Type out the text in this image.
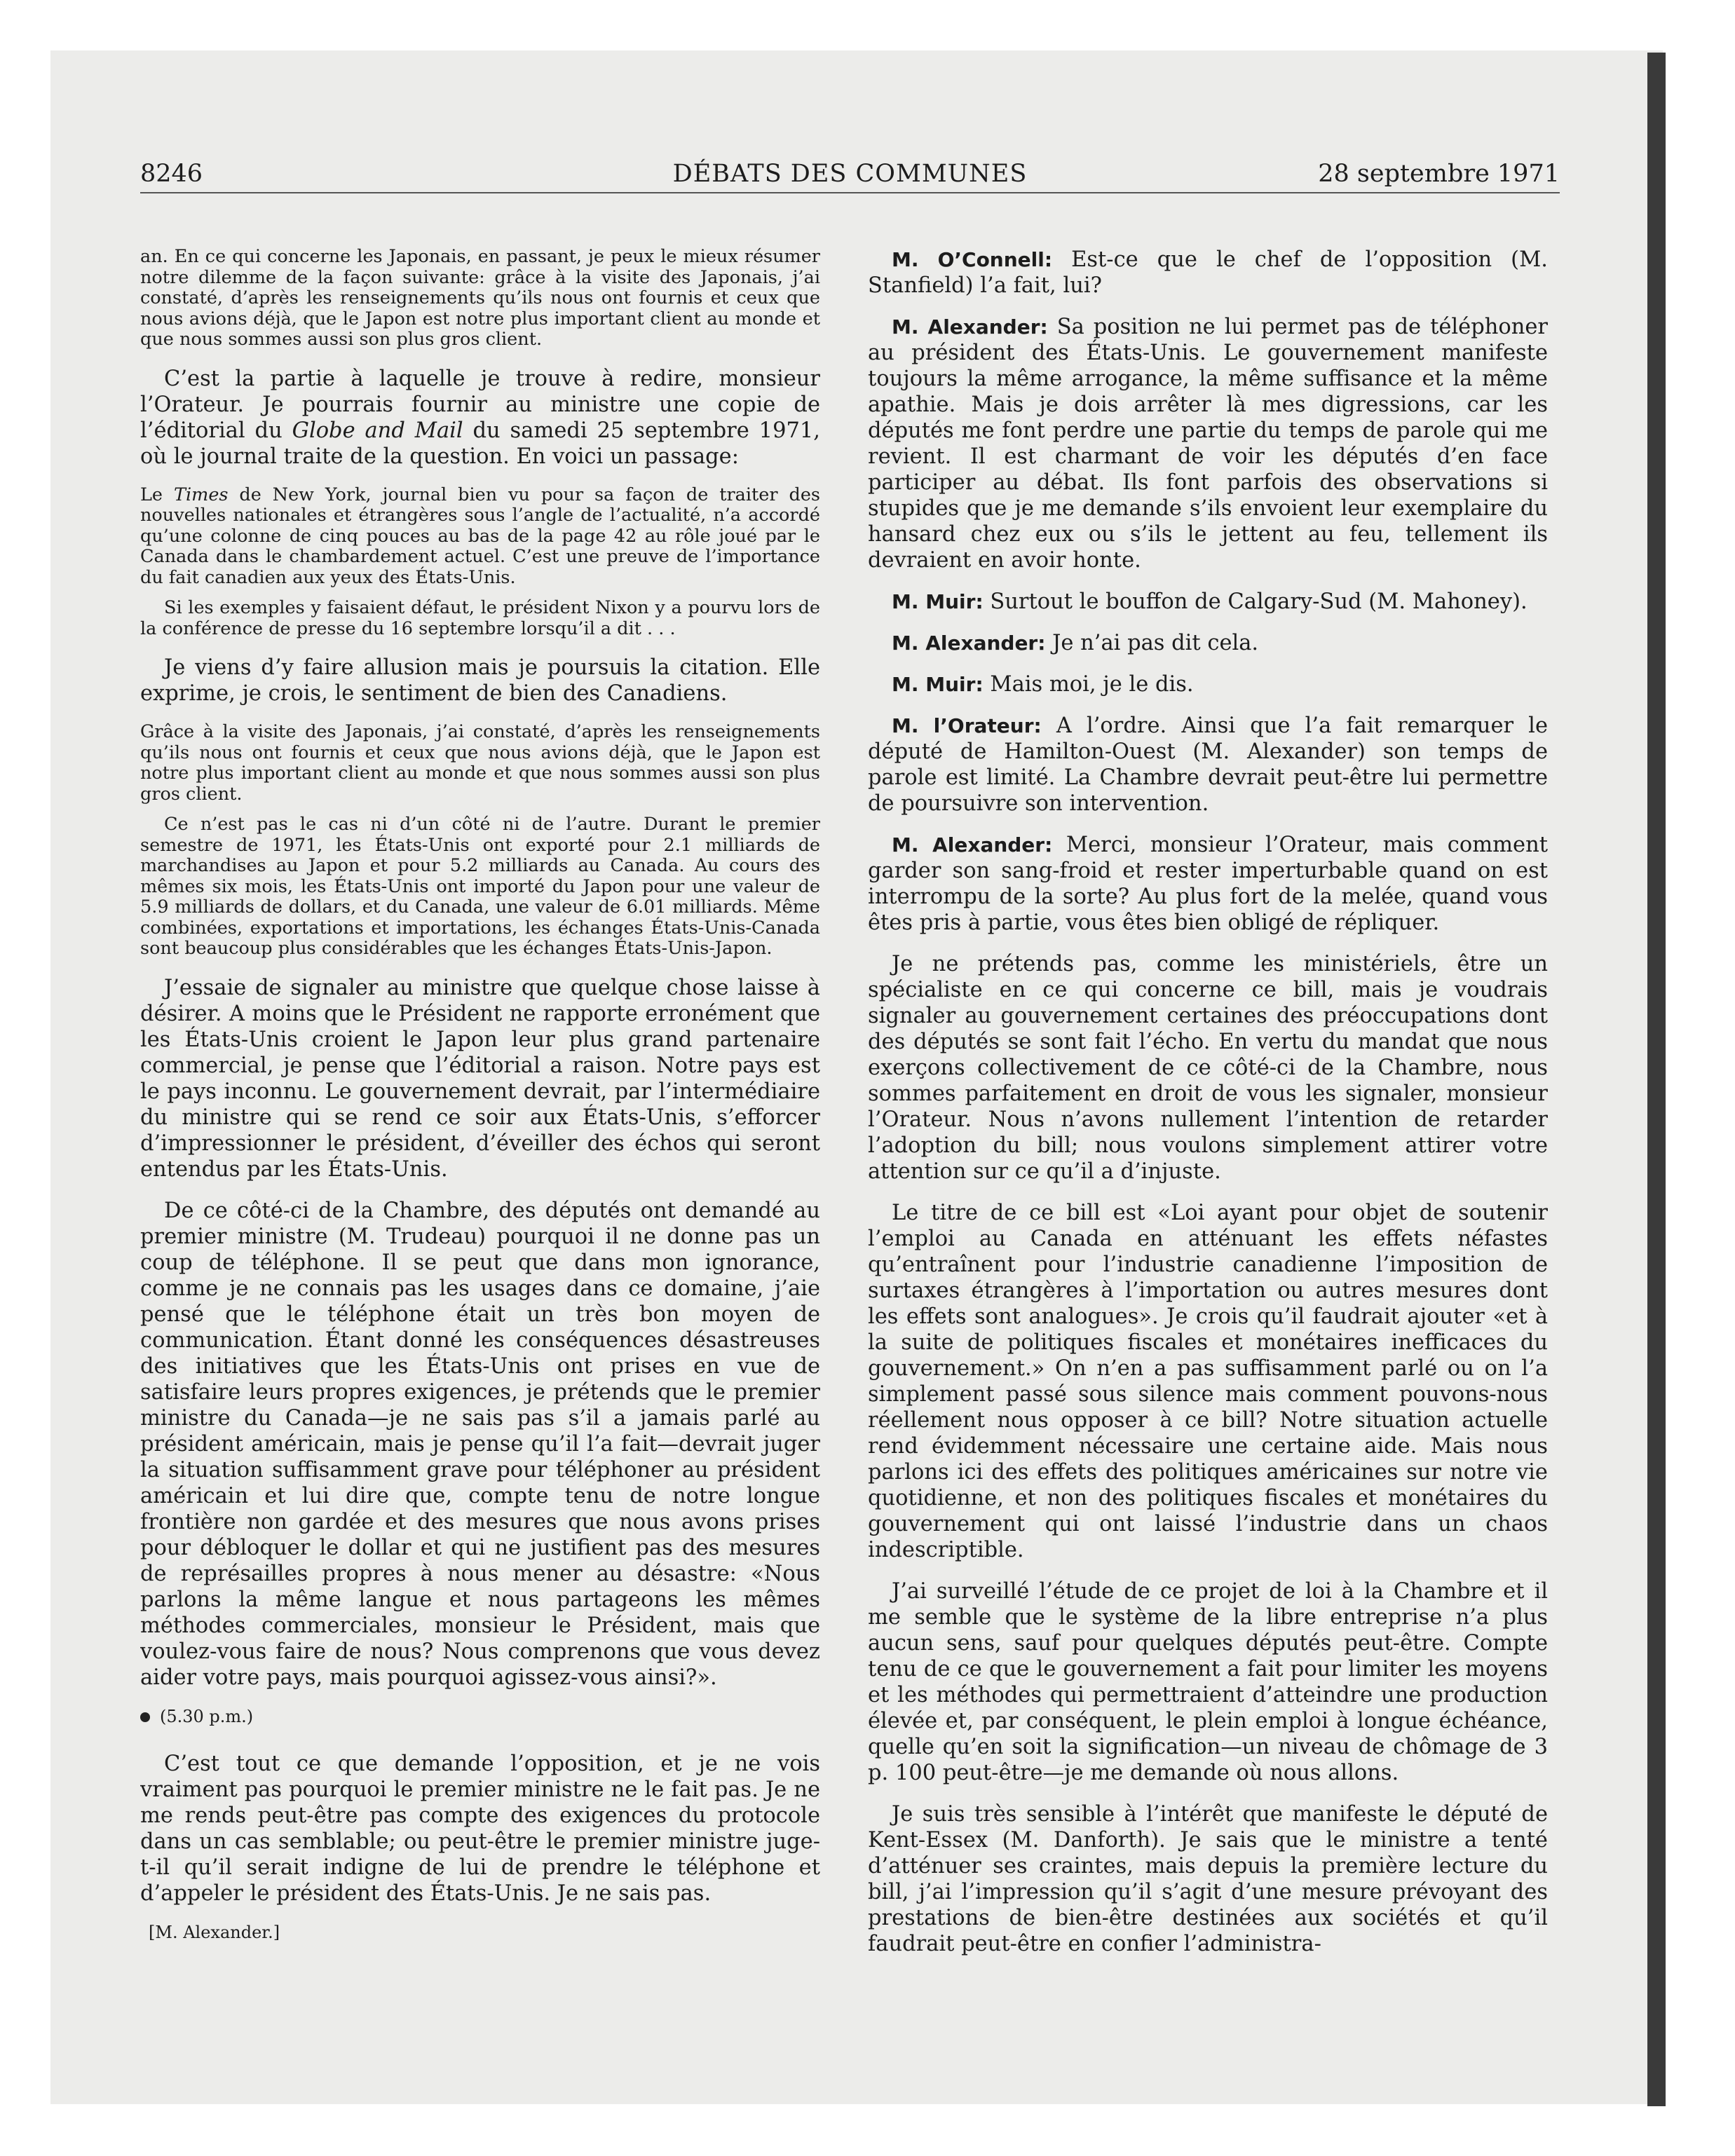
8246	DÉBATS DES COMMUNES	28 septembre 1971

an. En ce qui concerne les Japonais, en passant, je peux le mieux résumer notre dilemme de la façon suivante: grâce à la visite des Japonais, j’ai constaté, d’après les renseignements qu’ils nous ont fournis et ceux que nous avions déjà, que le Japon est notre plus important client au monde et que nous sommes aussi son plus gros client.

C’est la partie à laquelle je trouve à redire, monsieur l’Orateur. Je pourrais fournir au ministre une copie de l’éditorial du Globe and Mail du samedi 25 septembre 1971, où le journal traite de la question. En voici un passage:

Le Times de New York, journal bien vu pour sa façon de traiter des nouvelles nationales et étrangères sous l’angle de l’actualité, n’a accordé qu’une colonne de cinq pouces au bas de la page 42 au rôle joué par le Canada dans le chambardement actuel. C’est une preuve de l’importance du fait canadien aux yeux des États-Unis.

Si les exemples y faisaient défaut, le président Nixon y a pourvu lors de la conférence de presse du 16 septembre lorsqu’il a dit . . .

Je viens d’y faire allusion mais je poursuis la citation. Elle exprime, je crois, le sentiment de bien des Canadiens.

Grâce à la visite des Japonais, j’ai constaté, d’après les renseignements qu’ils nous ont fournis et ceux que nous avions déjà, que le Japon est notre plus important client au monde et que nous sommes aussi son plus gros client.

Ce n’est pas le cas ni d’un côté ni de l’autre. Durant le premier semestre de 1971, les États-Unis ont exporté pour 2.1 milliards de marchandises au Japon et pour 5.2 milliards au Canada. Au cours des mêmes six mois, les États-Unis ont importé du Japon pour une valeur de 5.9 milliards de dollars, et du Canada, une valeur de 6.01 milliards. Même combinées, exportations et importations, les échanges États-Unis-Canada sont beaucoup plus considérables que les échanges États-Unis-Japon.

J’essaie de signaler au ministre que quelque chose laisse à désirer. A moins que le Président ne rapporte erronément que les États-Unis croient le Japon leur plus grand partenaire commercial, je pense que l’éditorial a raison. Notre pays est le pays inconnu. Le gouvernement devrait, par l’intermédiaire du ministre qui se rend ce soir aux États-Unis, s’efforcer d’impressionner le président, d’éveiller des échos qui seront entendus par les États-Unis.

De ce côté-ci de la Chambre, des députés ont demandé au premier ministre (M. Trudeau) pourquoi il ne donne pas un coup de téléphone. Il se peut que dans mon ignorance, comme je ne connais pas les usages dans ce domaine, j’aie pensé que le téléphone était un très bon moyen de communication. Étant donné les conséquences désastreuses des initiatives que les États-Unis ont prises en vue de satisfaire leurs propres exigences, je prétends que le premier ministre du Canada—je ne sais pas s’il a jamais parlé au président américain, mais je pense qu’il l’a fait—devrait juger la situation suffisamment grave pour téléphoner au président américain et lui dire que, compte tenu de notre longue frontière non gardée et des mesures que nous avons prises pour débloquer le dollar et qui ne justifient pas des mesures de représailles propres à nous mener au désastre: «Nous parlons la même langue et nous partageons les mêmes méthodes commerciales, monsieur le Président, mais que voulez-vous faire de nous? Nous comprenons que vous devez aider votre pays, mais pourquoi agissez-vous ainsi?».

(5.30 p.m.)

C’est tout ce que demande l’opposition, et je ne vois vraiment pas pourquoi le premier ministre ne le fait pas. Je ne me rends peut-être pas compte des exigences du protocole dans un cas semblable; ou peut-être le premier ministre juge-t-il qu’il serait indigne de lui de prendre le téléphone et d’appeler le président des États-Unis. Je ne sais pas.

[M. Alexander.]

M. O’Connell: Est-ce que le chef de l’opposition (M. Stanfield) l’a fait, lui?

M. Alexander: Sa position ne lui permet pas de téléphoner au président des États-Unis. Le gouvernement manifeste toujours la même arrogance, la même suffisance et la même apathie. Mais je dois arrêter là mes digressions, car les députés me font perdre une partie du temps de parole qui me revient. Il est charmant de voir les députés d’en face participer au débat. Ils font parfois des observations si stupides que je me demande s’ils envoient leur exemplaire du hansard chez eux ou s’ils le jettent au feu, tellement ils devraient en avoir honte.

M. Muir: Surtout le bouffon de Calgary-Sud (M. Mahoney).

M. Alexander: Je n’ai pas dit cela.

M. Muir: Mais moi, je le dis.

M. l’Orateur: A l’ordre. Ainsi que l’a fait remarquer le député de Hamilton-Ouest (M. Alexander) son temps de parole est limité. La Chambre devrait peut-être lui permettre de poursuivre son intervention.

M. Alexander: Merci, monsieur l’Orateur, mais comment garder son sang-froid et rester imperturbable quand on est interrompu de la sorte? Au plus fort de la melée, quand vous êtes pris à partie, vous êtes bien obligé de répliquer.

Je ne prétends pas, comme les ministériels, être un spécialiste en ce qui concerne ce bill, mais je voudrais signaler au gouvernement certaines des préoccupations dont des députés se sont fait l’écho. En vertu du mandat que nous exerçons collectivement de ce côté-ci de la Chambre, nous sommes parfaitement en droit de vous les signaler, monsieur l’Orateur. Nous n’avons nullement l’intention de retarder l’adoption du bill; nous voulons simplement attirer votre attention sur ce qu’il a d’injuste.

Le titre de ce bill est «Loi ayant pour objet de soutenir l’emploi au Canada en atténuant les effets néfastes qu’entraînent pour l’industrie canadienne l’imposition de surtaxes étrangères à l’importation ou autres mesures dont les effets sont analogues». Je crois qu’il faudrait ajouter «et à la suite de politiques fiscales et monétaires inefficaces du gouvernement.» On n’en a pas suffisamment parlé ou on l’a simplement passé sous silence mais comment pouvons-nous réellement nous opposer à ce bill? Notre situation actuelle rend évidemment nécessaire une certaine aide. Mais nous parlons ici des effets des politiques américaines sur notre vie quotidienne, et non des politiques fiscales et monétaires du gouvernement qui ont laissé l’industrie dans un chaos indescriptible.

J’ai surveillé l’étude de ce projet de loi à la Chambre et il me semble que le système de la libre entreprise n’a plus aucun sens, sauf pour quelques députés peut-être. Compte tenu de ce que le gouvernement a fait pour limiter les moyens et les méthodes qui permettraient d’atteindre une production élevée et, par conséquent, le plein emploi à longue échéance, quelle qu’en soit la signification—un niveau de chômage de 3 p. 100 peut-être—je me demande où nous allons.

Je suis très sensible à l’intérêt que manifeste le député de Kent-Essex (M. Danforth). Je sais que le ministre a tenté d’atténuer ses craintes, mais depuis la première lecture du bill, j’ai l’impression qu’il s’agit d’une mesure prévoyant des prestations de bien-être destinées aux sociétés et qu’il faudrait peut-être en confier l’administra-
